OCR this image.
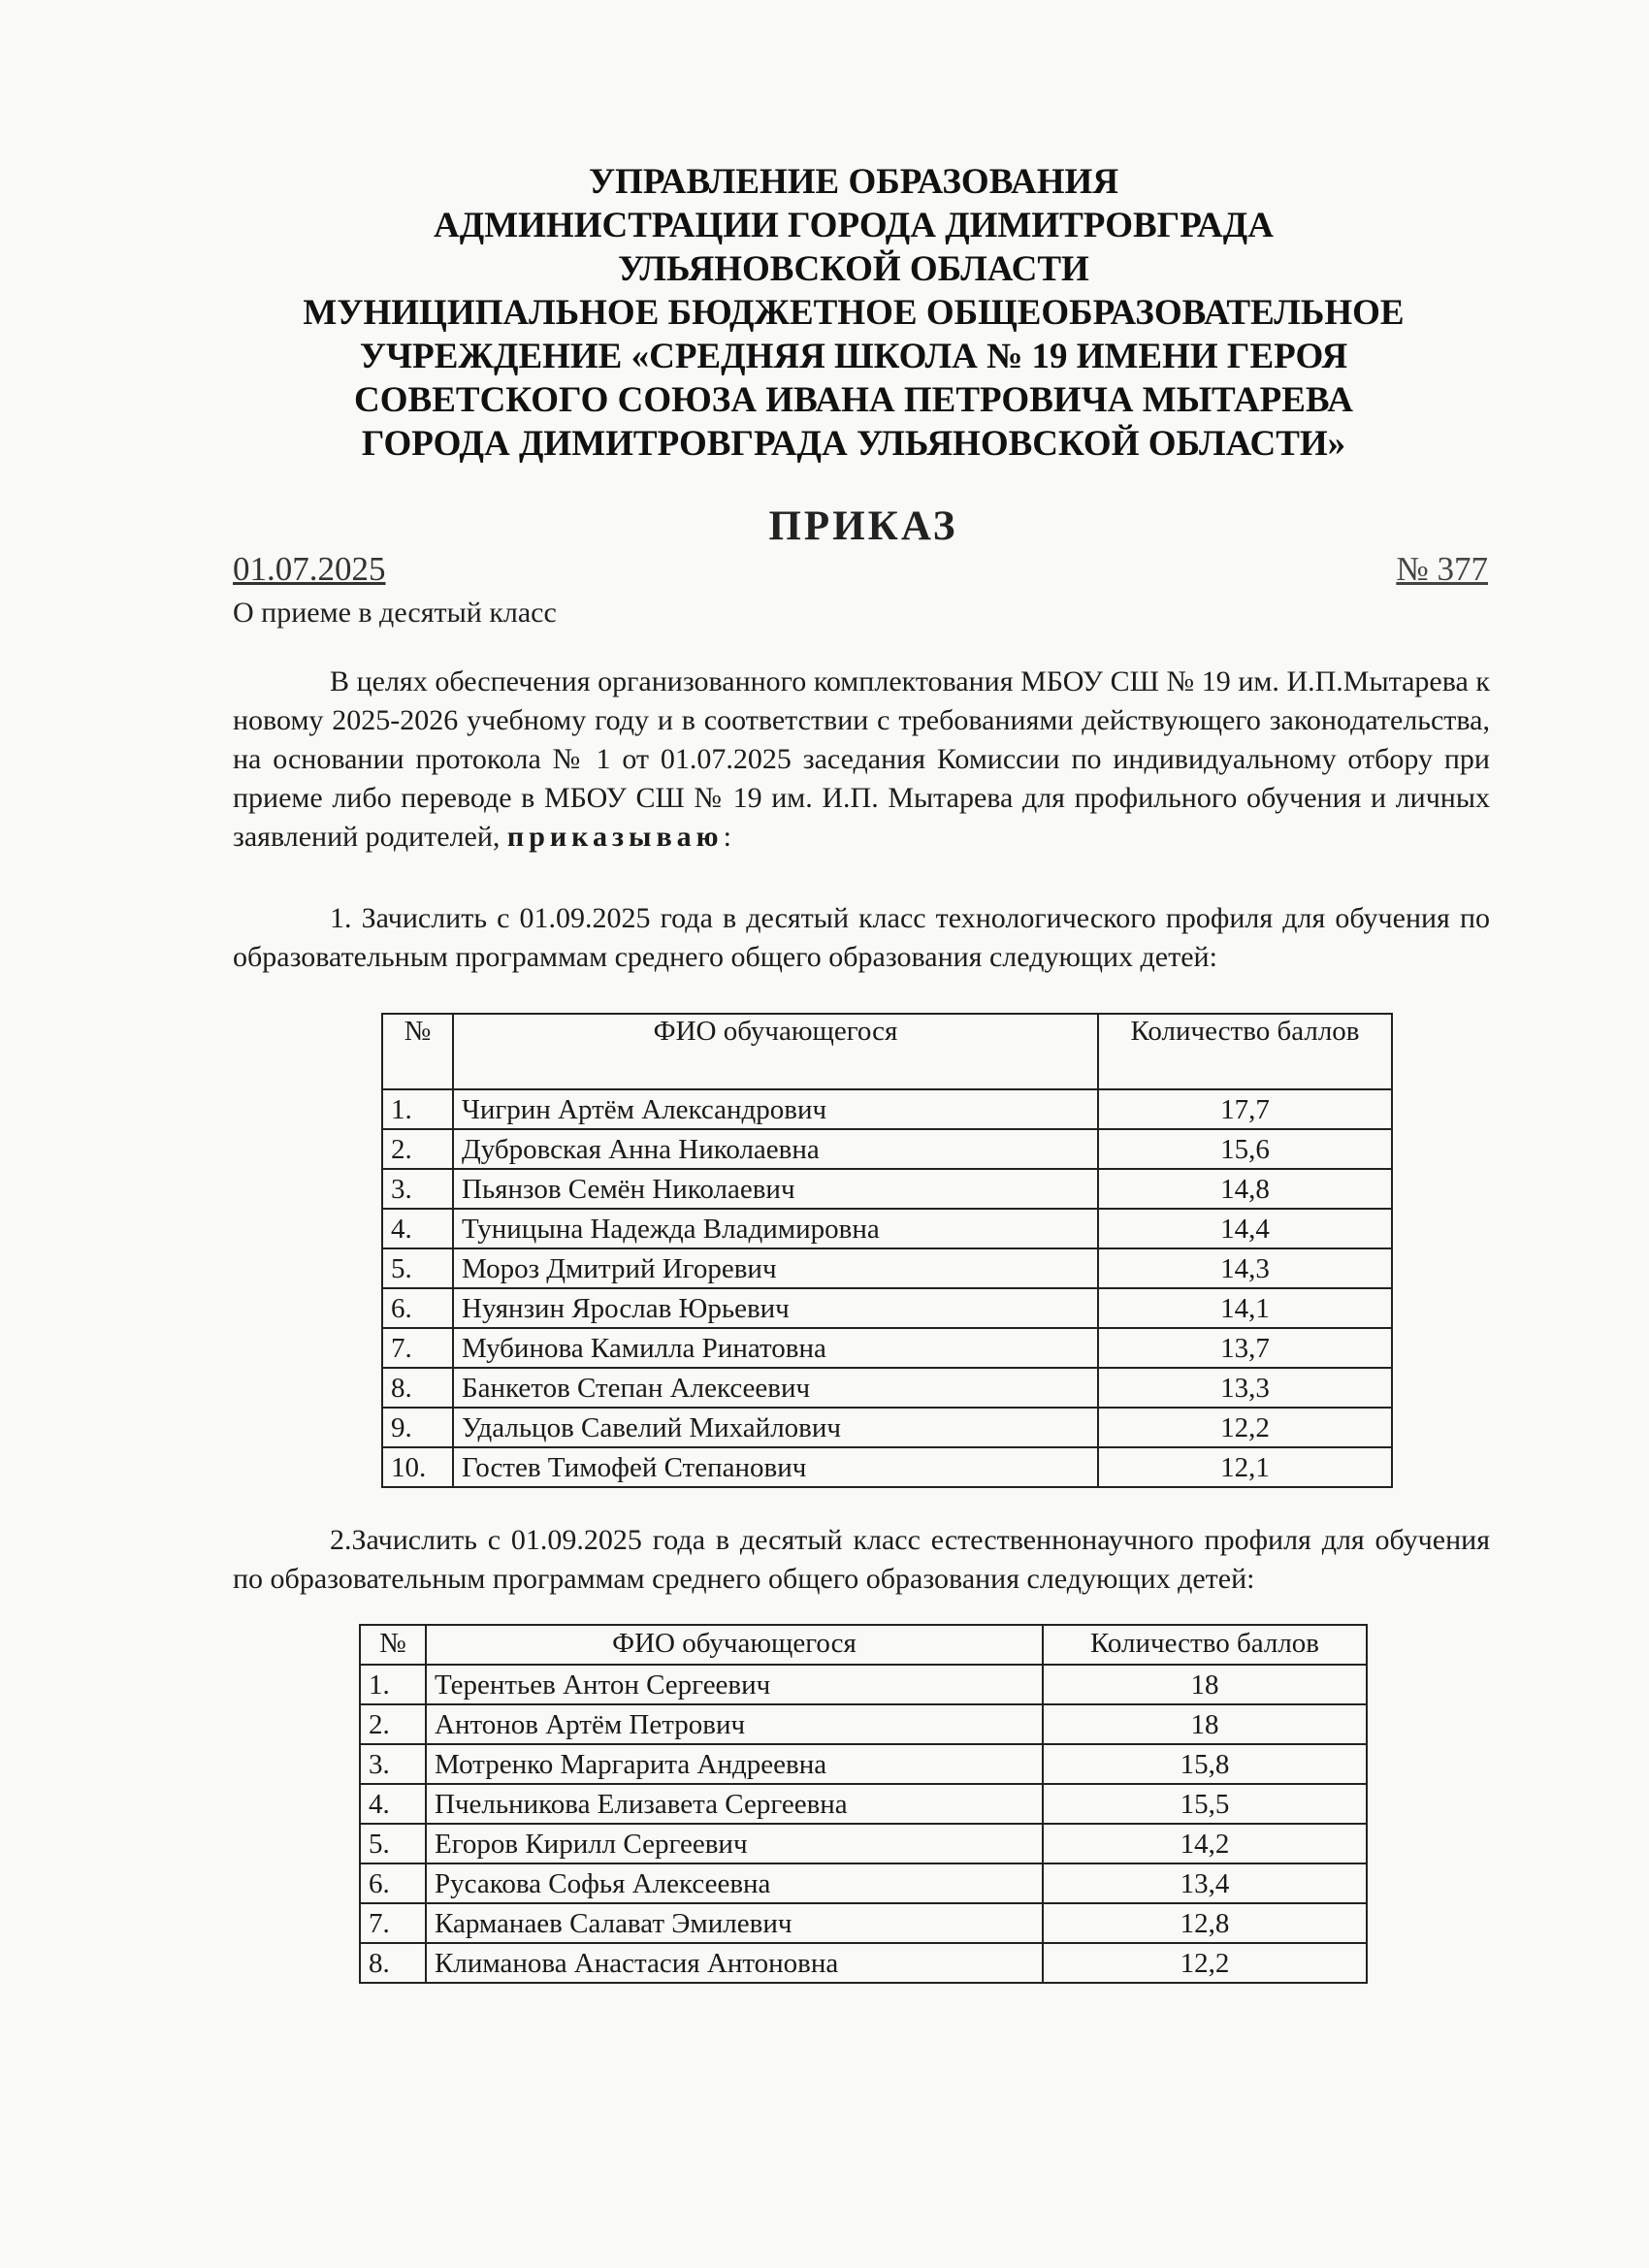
УПРАВЛЕНИЕ ОБРАЗОВАНИЯ
АДМИНИСТРАЦИИ ГОРОДА ДИМИТРОВГРАДА
УЛЬЯНОВСКОЙ ОБЛАСТИ
МУНИЦИПАЛЬНОЕ БЮДЖЕТНОЕ ОБЩЕОБРАЗОВАТЕЛЬНОЕ
УЧРЕЖДЕНИЕ «СРЕДНЯЯ ШКОЛА № 19 ИМЕНИ ГЕРОЯ
СОВЕТСКОГО СОЮЗА ИВАНА ПЕТРОВИЧА МЫТАРЕВА
ГОРОДА ДИМИТРОВГРАДА УЛЬЯНОВСКОЙ ОБЛАСТИ»
ПРИКАЗ
01.07.2025	№ 377
О приеме в десятый класс
В целях обеспечения организованного комплектования МБОУ СШ № 19 им. И.П.Мытарева к новому 2025-2026 учебному году и в соответствии с требованиями действующего законодательства, на основании протокола № 1 от 01.07.2025 заседания Комиссии по индивидуальному отбору при приеме либо переводе в МБОУ СШ № 19 им. И.П. Мытарева для профильного обучения и личных заявлений родителей, приказываю:
1. Зачислить с 01.09.2025 года в десятый класс технологического профиля для обучения по образовательным программам среднего общего образования следующих детей:
№	ФИО обучающегося	Количество баллов
1.	Чигрин Артём Александрович	17,7
2.	Дубровская Анна Николаевна	15,6
3.	Пьянзов Семён Николаевич	14,8
4.	Туницына Надежда Владимировна	14,4
5.	Мороз Дмитрий Игоревич	14,3
6.	Нуянзин Ярослав Юрьевич	14,1
7.	Мубинова Камилла Ринатовна	13,7
8.	Банкетов Степан Алексеевич	13,3
9.	Удальцов Савелий Михайлович	12,2
10.	Гостев Тимофей Степанович	12,1
2.Зачислить с 01.09.2025 года в десятый класс естественнонаучного профиля для обучения по образовательным программам среднего общего образования следующих детей:
№	ФИО обучающегося	Количество баллов
1.	Терентьев Антон Сергеевич	18
2.	Антонов Артём Петрович	18
3.	Мотренко Маргарита Андреевна	15,8
4.	Пчельникова Елизавета Сергеевна	15,5
5.	Егоров Кирилл Сергеевич	14,2
6.	Русакова Софья Алексеевна	13,4
7.	Карманаев Салават Эмилевич	12,8
8.	Климанова Анастасия Антоновна	12,2
